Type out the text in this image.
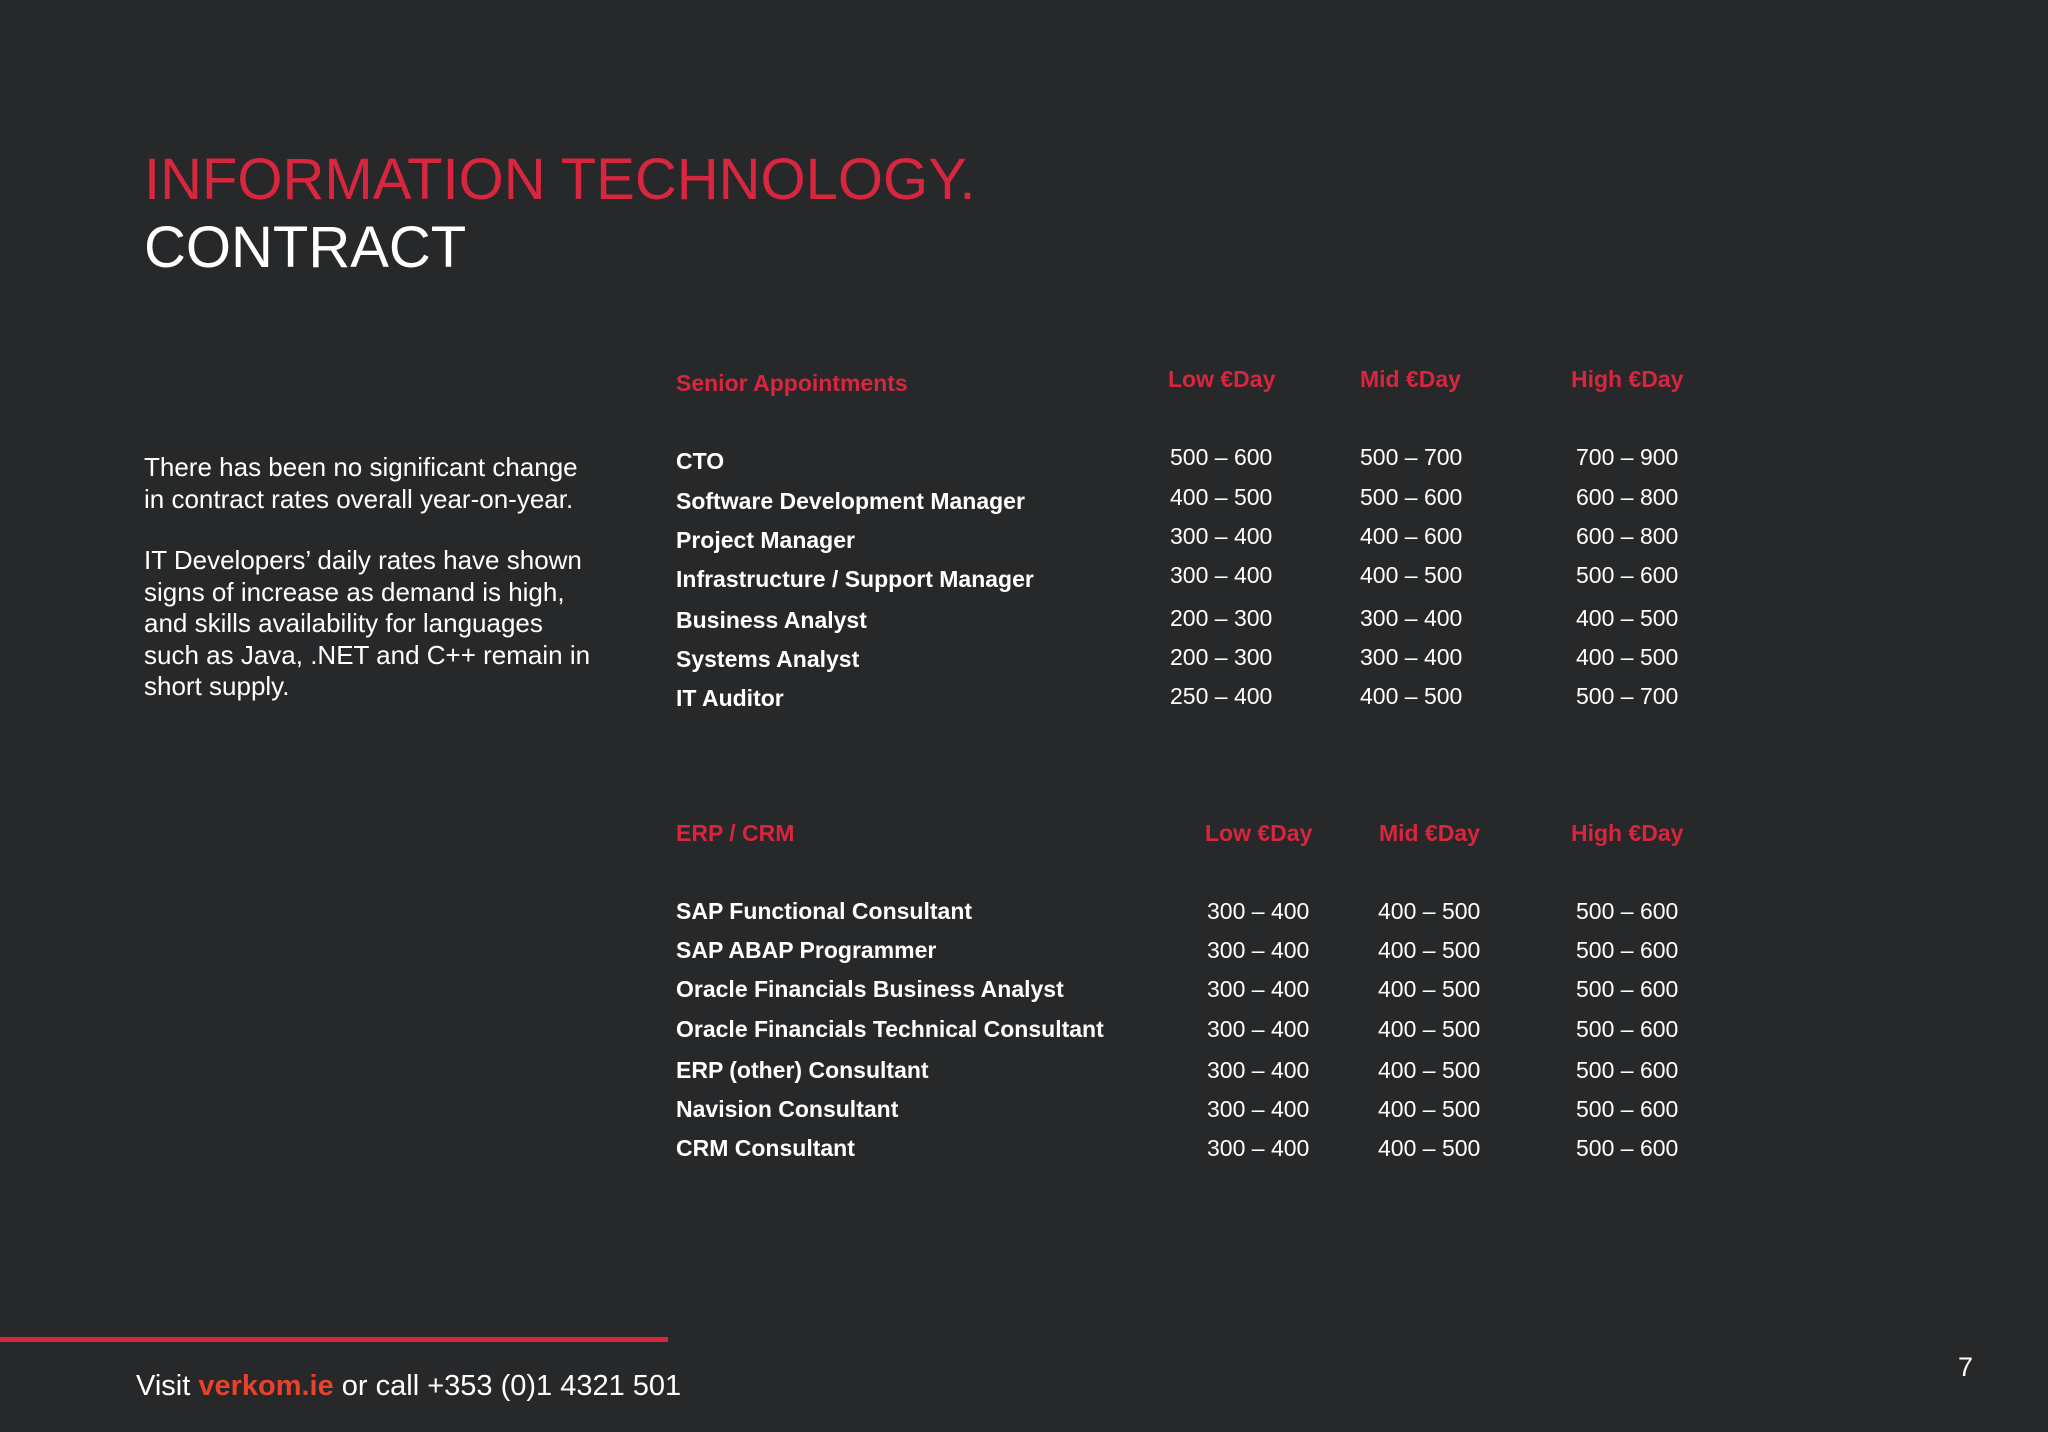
INFORMATION TECHNOLOGY.
CONTRACT

There has been no significant change in contract rates overall year-on-year.

IT Developers’ daily rates have shown signs of increase as demand is high, and skills availability for languages such as Java, .NET and C++ remain in short supply.

Senior Appointments	Low €Day	Mid €Day	High €Day
CTO	500 – 600	500 – 700	700 – 900
Software Development Manager	400 – 500	500 – 600	600 – 800
Project Manager	300 – 400	400 – 600	600 – 800
Infrastructure / Support Manager	300 – 400	400 – 500	500 – 600
Business Analyst	200 – 300	300 – 400	400 – 500
Systems Analyst	200 – 300	300 – 400	400 – 500
IT Auditor	250 – 400	400 – 500	500 – 700
ERP / CRM	Low €Day	Mid €Day	High €Day
SAP Functional Consultant	300 – 400	400 – 500	500 – 600
SAP ABAP Programmer	300 – 400	400 – 500	500 – 600
Oracle Financials Business Analyst	300 – 400	400 – 500	500 – 600
Oracle Financials Technical Consultant	300 – 400	400 – 500	500 – 600
ERP (other) Consultant	300 – 400	400 – 500	500 – 600
Navision Consultant	300 – 400	400 – 500	500 – 600
CRM Consultant	300 – 400	400 – 500	500 – 600
Visit verkom.ie or call +353 (0)1 4321 501
7
